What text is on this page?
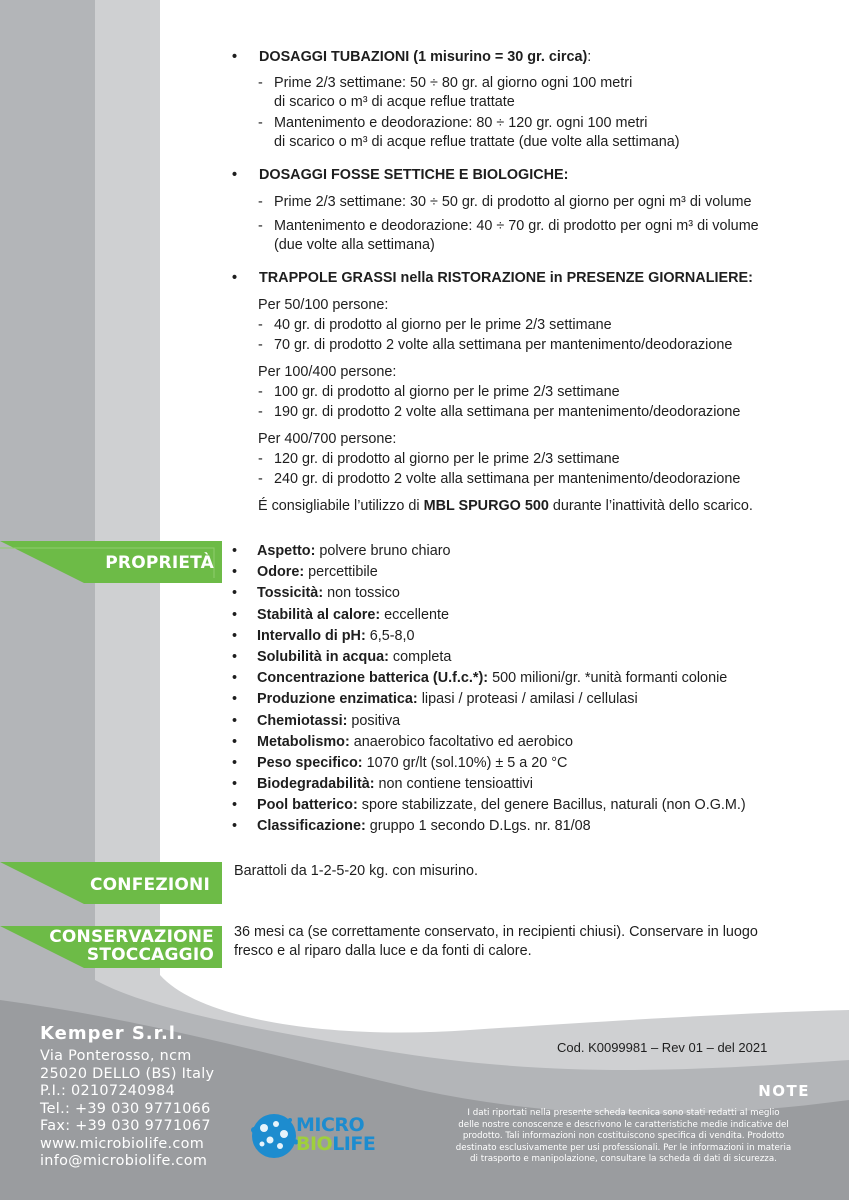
• DOSAGGI TUBAZIONI (1 misurino = 30 gr. circa):
- Prime 2/3 settimane: 50 ÷ 80 gr. al giorno ogni 100 metri
di scarico o m³ di acque reflue trattate
- Mantenimento e deodorazione: 80 ÷ 120 gr. ogni 100 metri
di scarico o m³ di acque reflue trattate (due volte alla settimana)
• DOSAGGI FOSSE SETTICHE E BIOLOGICHE:
- Prime 2/3 settimane: 30 ÷ 50 gr. di prodotto al giorno per ogni m³ di volume
- Mantenimento e deodorazione: 40 ÷ 70 gr. di prodotto per ogni m³ di volume
(due volte alla settimana)
• TRAPPOLE GRASSI nella RISTORAZIONE in PRESENZE GIORNALIERE:
Per 50/100 persone:
- 40 gr. di prodotto al giorno per le prime 2/3 settimane
- 70 gr. di prodotto 2 volte alla settimana per mantenimento/deodorazione
Per 100/400 persone:
- 100 gr. di prodotto al giorno per le prime 2/3 settimane
- 190 gr. di prodotto 2 volte alla settimana per mantenimento/deodorazione
Per 400/700 persone:
- 120 gr. di prodotto al giorno per le prime 2/3 settimane
- 240 gr. di prodotto 2 volte alla settimana per mantenimento/deodorazione
É consigliabile l’utilizzo di MBL SPURGO 500 durante l’inattività dello scarico.
PROPRIETÀ
CONFEZIONI
CONSERVAZIONE
STOCCAGGIO
• Aspetto: polvere bruno chiaro
• Odore: percettibile
• Tossicità: non tossico
• Stabilità al calore: eccellente
• Intervallo di pH: 6,5-8,0
• Solubilità in acqua: completa
• Concentrazione batterica (U.f.c.*): 500 milioni/gr. *unità formanti colonie
• Produzione enzimatica: lipasi / proteasi / amilasi / cellulasi
• Chemiotassi: positiva
• Metabolismo: anaerobico facoltativo ed aerobico
• Peso specifico: 1070 gr/lt (sol.10%) ± 5 a 20 °C
• Biodegradabilità: non contiene tensioattivi
• Pool batterico: spore stabilizzate, del genere Bacillus, naturali (non O.G.M.)
• Classificazione: gruppo 1 secondo D.Lgs. nr. 81/08
Barattoli da 1-2-5-20 kg. con misurino.
36 mesi ca (se correttamente conservato, in recipienti chiusi). Conservare in luogo
fresco e al riparo dalla luce e da fonti di calore.
Cod. K0099981 – Rev 01 – del 2021
Kemper S.r.l.
Via Ponterosso, ncm
25020 DELLO (BS) Italy
P.I.: 02107240984
Tel.: +39 030 9771066
Fax: +39 030 9771067
www.microbiolife.com
info@microbiolife.com
MICRO
BIOLIFE
NOTE
I dati riportati nella presente scheda tecnica sono stati redatti al meglio
delle nostre conoscenze e descrivono le caratteristiche medie indicative del
prodotto. Tali informazioni non costituiscono specifica di vendita. Prodotto
destinato esclusivamente per usi professionali. Per le informazioni in materia
di trasporto e manipolazione, consultare la scheda di dati di sicurezza.
